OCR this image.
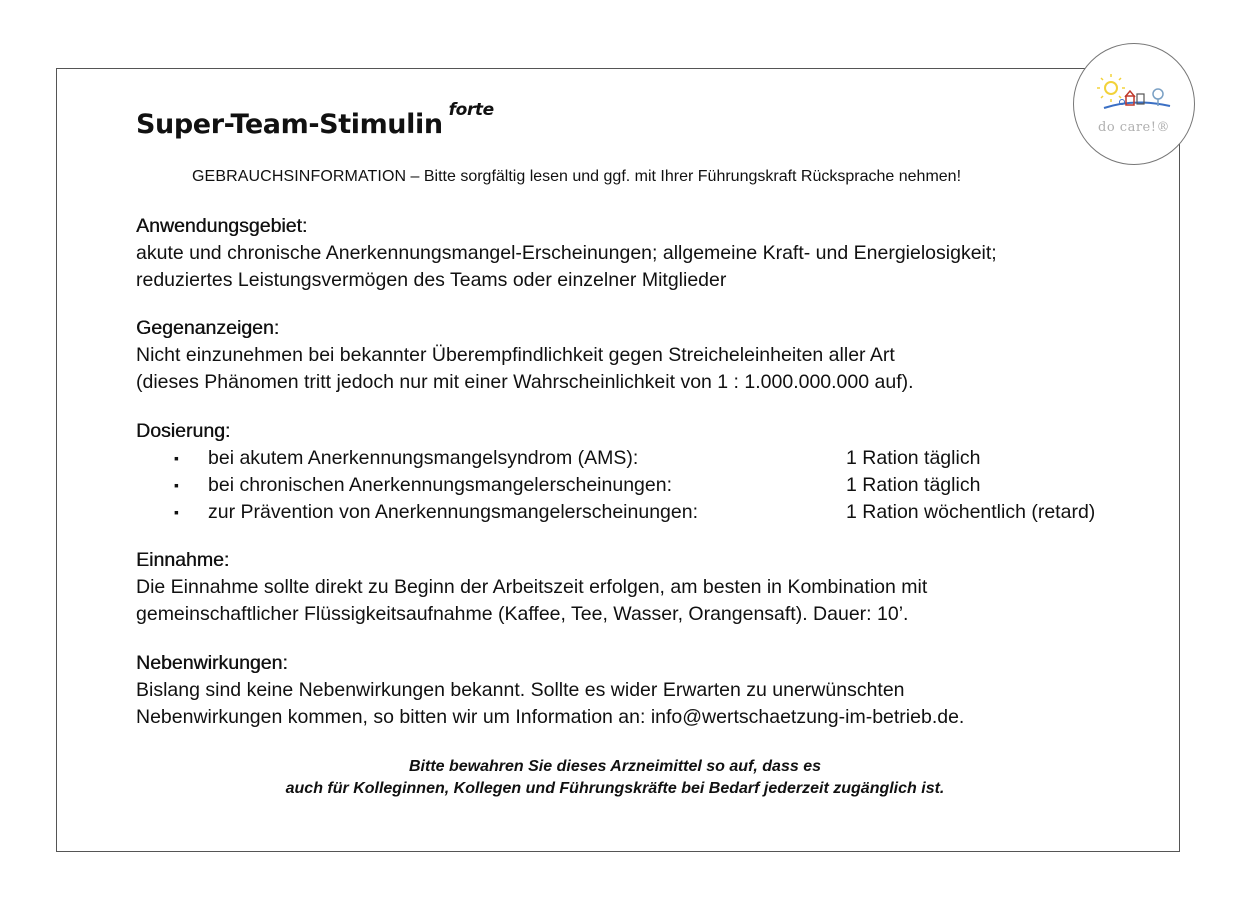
do care!®
Super-Team-Stimulin $^{forte}$
GEBRAUCHSINFORMATION – Bitte sorgfältig lesen und ggf. mit Ihrer Führungskraft Rücksprache nehmen!
Anwendungsgebiet:
akute und chronische Anerkennungsmangel-Erscheinungen; allgemeine Kraft- und Energielosigkeit;
reduziertes Leistungsvermögen des Teams oder einzelner Mitglieder
Gegenanzeigen:
Nicht einzunehmen bei bekannter Überempfindlichkeit gegen Streicheleinheiten aller Art
(dieses Phänomen tritt jedoch nur mit einer Wahrscheinlichkeit von 1 : 1.000.000.000 auf).
Dosierung:
▪ bei akutem Anerkennungsmangelsyndrom (AMS):	1 Ration täglich
▪ bei chronischen Anerkennungsmangelerscheinungen:	1 Ration täglich
▪ zur Prävention von Anerkennungsmangelerscheinungen:	1 Ration wöchentlich (retard)
Einnahme:
Die Einnahme sollte direkt zu Beginn der Arbeitszeit erfolgen, am besten in Kombination mit
gemeinschaftlicher Flüssigkeitsaufnahme (Kaffee, Tee, Wasser, Orangensaft). Dauer: 10’.
Nebenwirkungen:
Bislang sind keine Nebenwirkungen bekannt. Sollte es wider Erwarten zu unerwünschten
Nebenwirkungen kommen, so bitten wir um Information an: info@wertschaetzung-im-betrieb.de.
Bitte bewahren Sie dieses Arzneimittel so auf, dass es
auch für Kolleginnen, Kollegen und Führungskräfte bei Bedarf jederzeit zugänglich ist.
